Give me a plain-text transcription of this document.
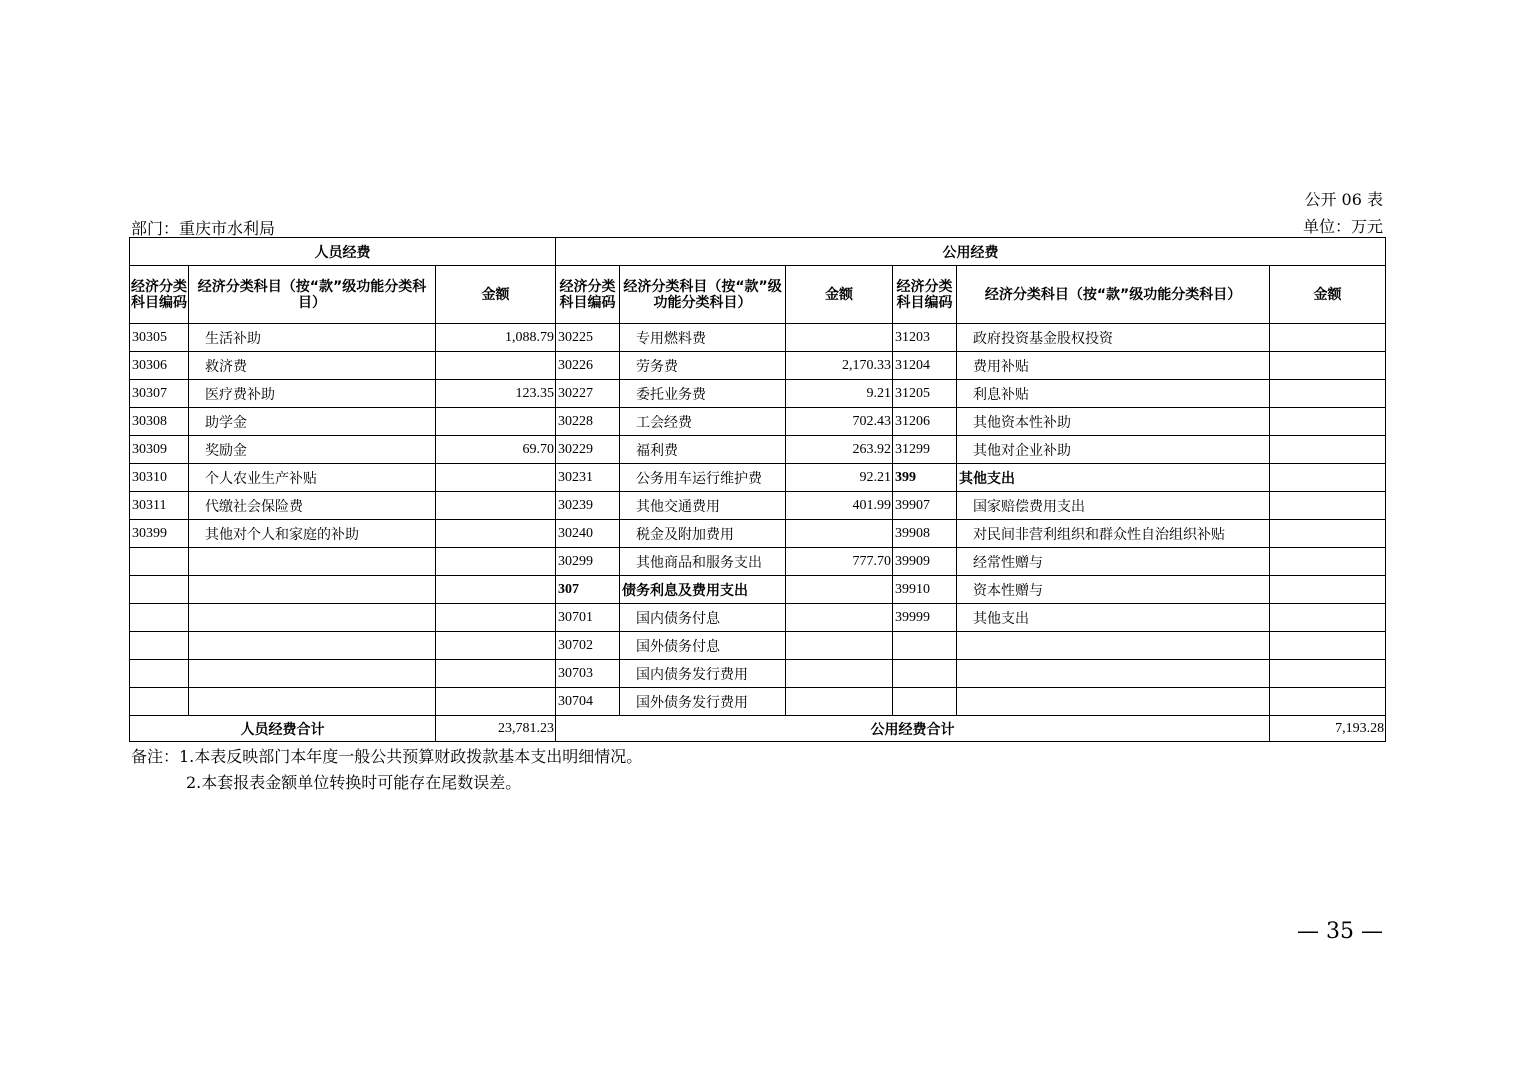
公开 06 表
部门：重庆市水利局	单位：万元
人员经费			公用经费					
经济分类科目编码	经济分类科目（按“款”级功能分类科目）	金额	经济分类科目编码	经济分类科目（按“款”级功能分类科目）	金额	经济分类科目编码	经济分类科目（按“款”级功能分类科目）	金额
30305	生活补助	1,088.79	30225	专用燃料费		31203	政府投资基金股权投资	
30306	救济费		30226	劳务费	2,170.33	31204	费用补贴	
30307	医疗费补助	123.35	30227	委托业务费	9.21	31205	利息补贴	
30308	助学金		30228	工会经费	702.43	31206	其他资本性补助	
30309	奖励金	69.70	30229	福利费	263.92	31299	其他对企业补助	
30310	个人农业生产补贴		30231	公务用车运行维护费	92.21	399	其他支出	
30311	代缴社会保险费		30239	其他交通费用	401.99	39907	国家赔偿费用支出	
30399	其他对个人和家庭的补助		30240	税金及附加费用		39908	对民间非营利组织和群众性自治组织补贴	
			30299	其他商品和服务支出	777.70	39909	经常性赠与	
			307	债务利息及费用支出		39910	资本性赠与	
			30701	国内债务付息		39999	其他支出	
			30702	国外债务付息				
			30703	国内债务发行费用				
			30704	国外债务发行费用				
人员经费合计		23,781.23	公用经费合计					7,193.28
备注：1.本表反映部门本年度一般公共预算财政拨款基本支出明细情况。
2.本套报表金额单位转换时可能存在尾数误差。
— 35 —
